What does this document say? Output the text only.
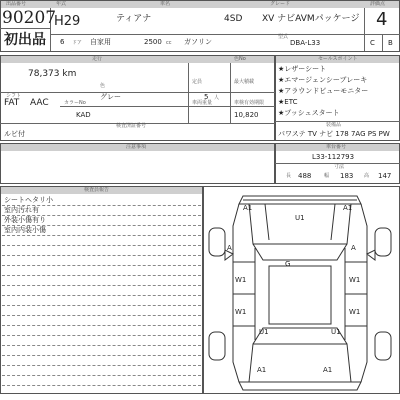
出品番号	年式	車名	グレード	評価点
90207
初出品
H29	ティアナ	4SD XV ナビAVMパッケージ 4
6 ドア 自家用	2500 cc ガソリン
型式
DBA-L33	C B
走行	色No
78,373 km
色
定員	最大積載
シフト	グレー	5 人
FAT AAC	カラーNo	車両重量	車検有効期限
KAD	10,820
検査済証番号
ルビ付
セールスポイント
★レザーシート
★エマージェンシーブレーキ
★アラウンドビューモニター
★ETC
★プッシュスタート
装備品
パワステ TV ナビ 178 7AG PS PW
注意事項	車台番号
L33-112793
寸法
長 488	幅 183 高 147
検査員報告
シートヘタリ小
室内汚れ有
外装小傷有り
室内内装小傷
A1	A1
U1
A	A
G
W1	W1
W1	W1
U1	U1
A1	A1
